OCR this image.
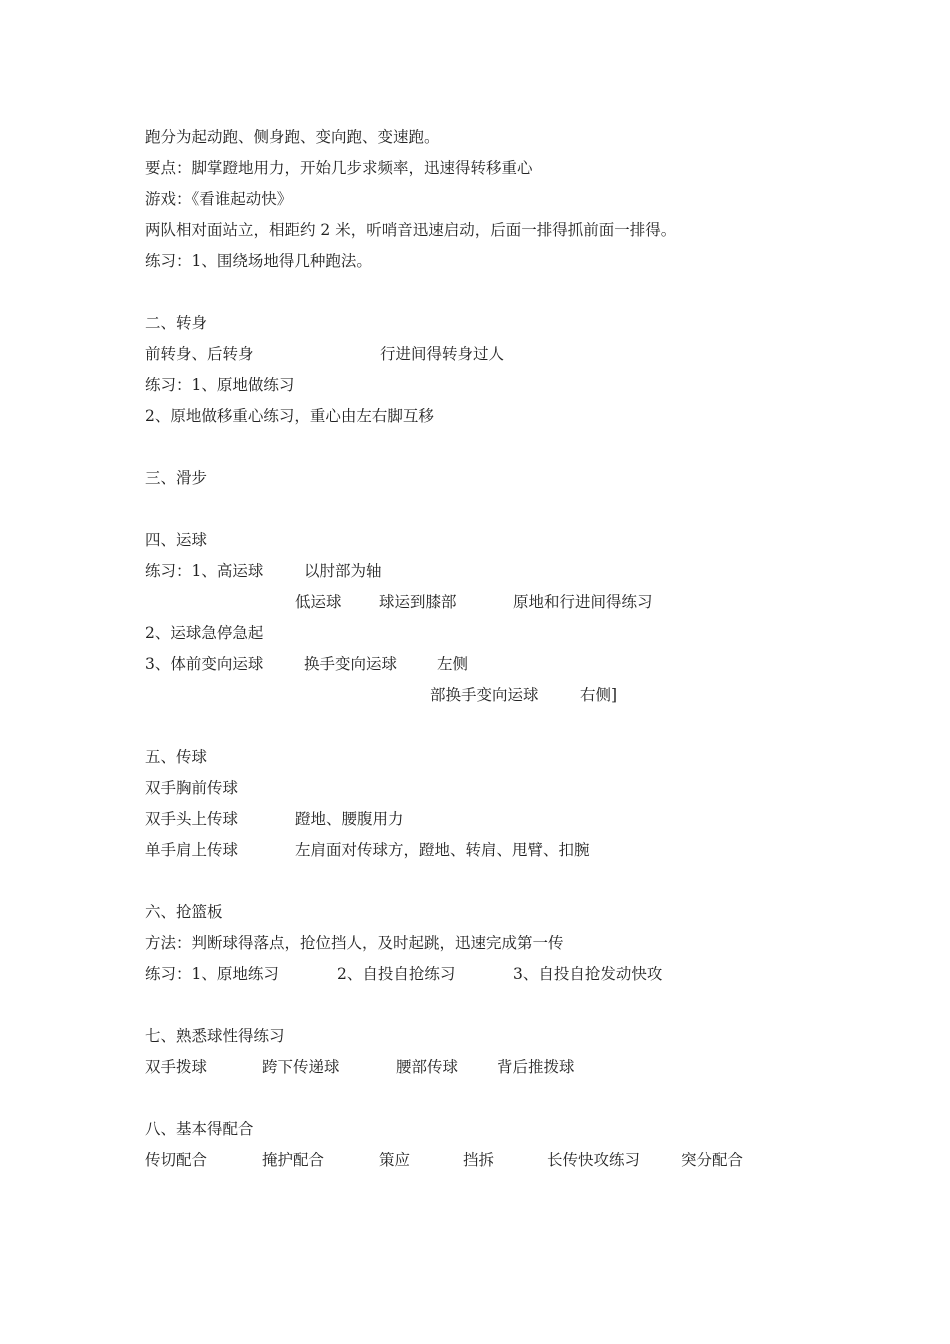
跑分为起动跑、侧身跑、变向跑、变速跑。
要点：脚掌蹬地用力，开始几步求频率，迅速得转移重心
游戏：《看谁起动快》
两队相对面站立，相距约 2 米，听哨音迅速启动，后面一排得抓前面一排得。
练习：1、围绕场地得几种跑法。
二、转身
前转身、后转身	行进间得转身过人
练习：1、原地做练习
2、原地做移重心练习，重心由左右脚互移
三、滑步
四、运球
练习：1、高运球	以肘部为轴
低运球 球运到膝部	原地和行进间得练习
2、运球急停急起
3、体前变向运球	换手变向运球	左侧
部换手变向运球	右侧]
五、传球
双手胸前传球
双手头上传球	蹬地、腰腹用力
单手肩上传球	左肩面对传球方，蹬地、转肩、甩臂、扣腕
六、抢篮板
方法：判断球得落点，抢位挡人，及时起跳，迅速完成第一传
练习：1、原地练习	2、自投自抢练习	3、自投自抢发动快攻
七、熟悉球性得练习
双手拨球	跨下传递球	腰部传球	背后推拨球
八、基本得配合
传切配合	掩护配合	策应	挡拆	长传快攻练习	突分配合
